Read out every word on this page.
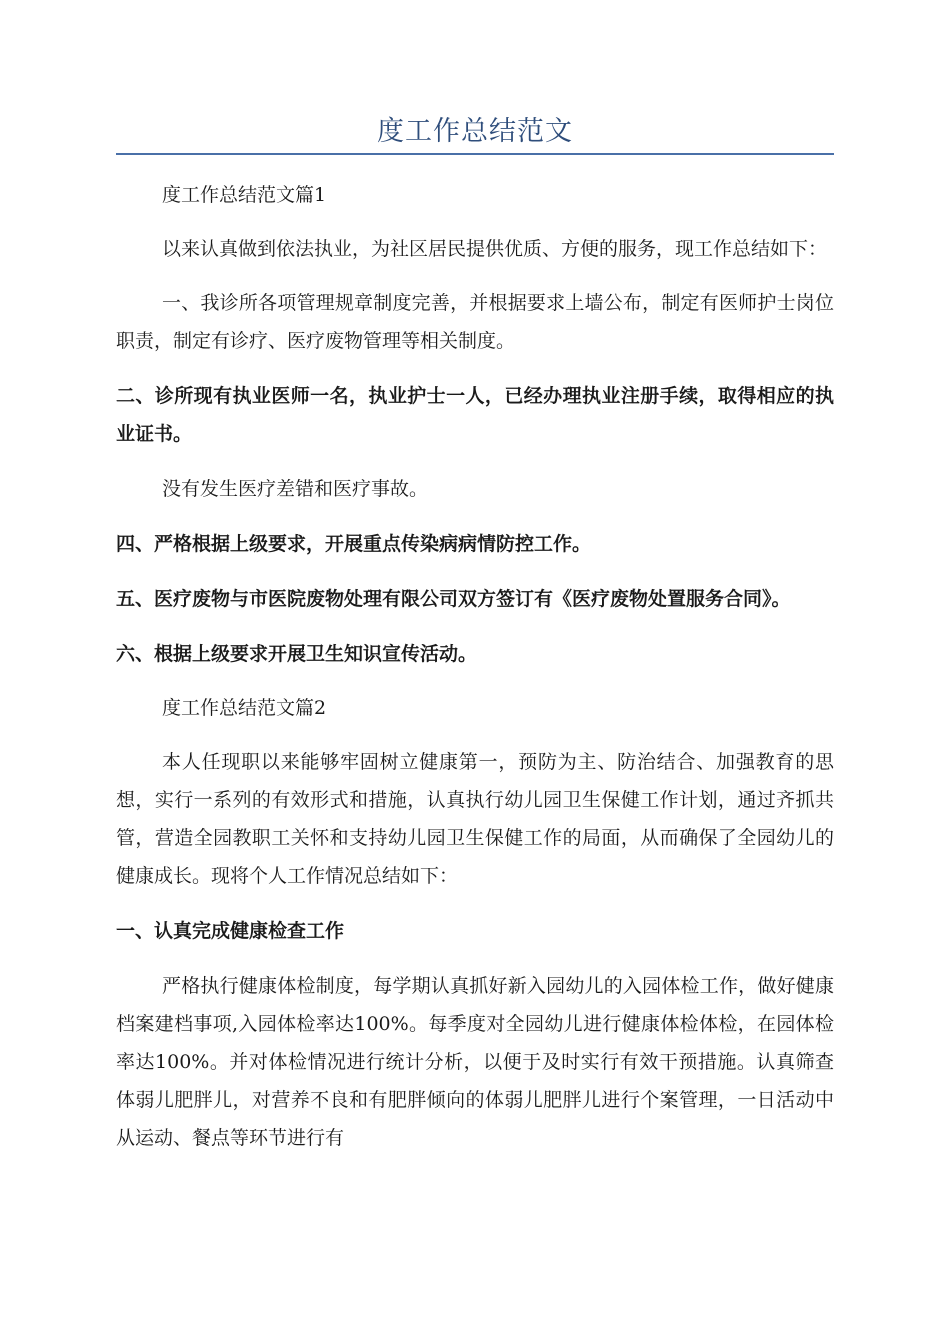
度工作总结范文

度工作总结范文篇1

以来认真做到依法执业，为社区居民提供优质、方便的服务，现工作总结如下：

一、我诊所各项管理规章制度完善，并根据要求上墙公布，制定有医师护士岗位职责，制定有诊疗、医疗废物管理等相关制度。

二、诊所现有执业医师一名，执业护士一人，已经办理执业注册手续，取得相应的执业证书。

没有发生医疗差错和医疗事故。

四、严格根据上级要求，开展重点传染病病情防控工作。

五、医疗废物与市医院废物处理有限公司双方签订有《医疗废物处置服务合同》。

六、根据上级要求开展卫生知识宣传活动。

度工作总结范文篇2

本人任现职以来能够牢固树立健康第一，预防为主、防治结合、加强教育的思想，实行一系列的有效形式和措施，认真执行幼儿园卫生保健工作计划，通过齐抓共管，营造全园教职工关怀和支持幼儿园卫生保健工作的局面，从而确保了全园幼儿的健康成长。现将个人工作情况总结如下：

一、认真完成健康检查工作

严格执行健康体检制度，每学期认真抓好新入园幼儿的入园体检工作，做好健康档案建档事项,入园体检率达100%。每季度对全园幼儿进行健康体检体检，在园体检率达100%。并对体检情况进行统计分析，以便于及时实行有效干预措施。认真筛查体弱儿肥胖儿，对营养不良和有肥胖倾向的体弱儿肥胖儿进行个案管理，一日活动中从运动、餐点等环节进行有
